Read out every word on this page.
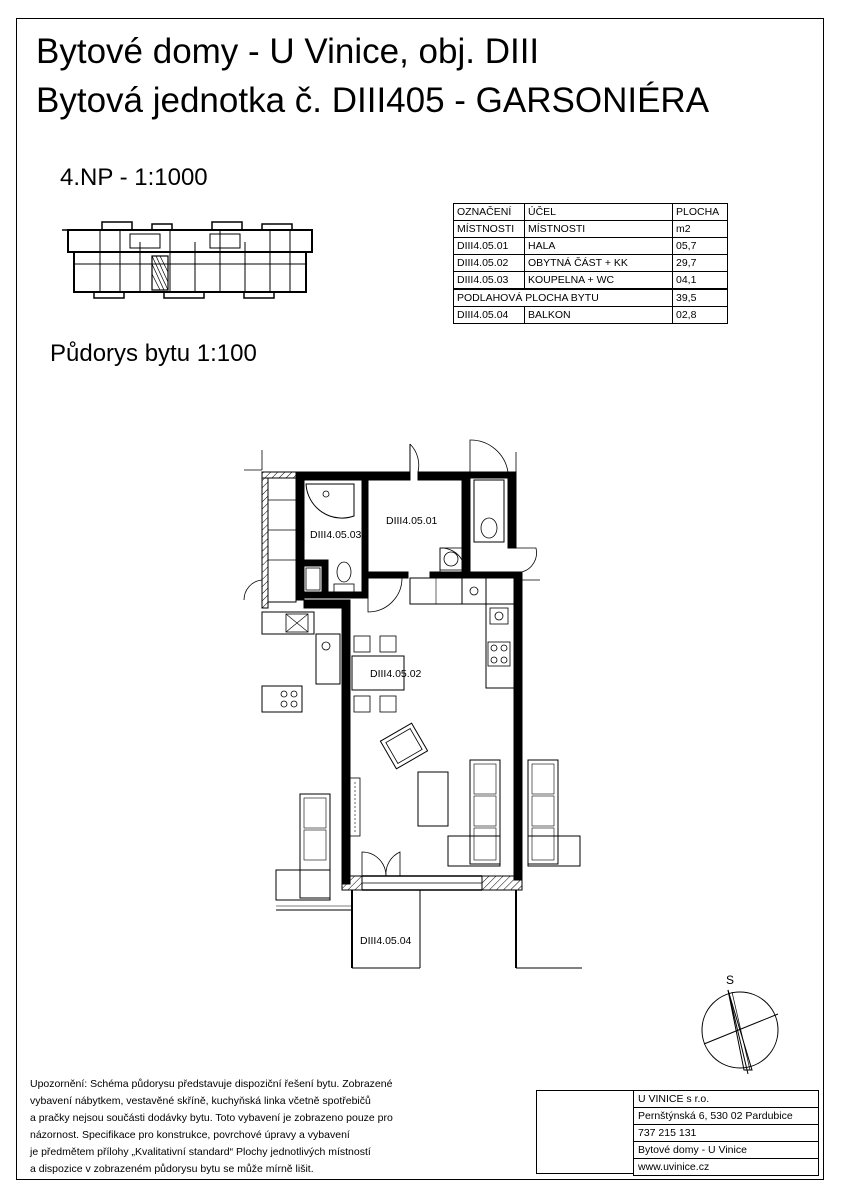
Bytové domy - U Vinice, obj. DIII
Bytová jednotka č. DIII405 - GARSONIÉRA
4.NP - 1:1000
OZNAČENÍ	ÚČEL	PLOCHA
MÍSTNOSTI	MÍSTNOSTI	m2
DIII4.05.01	HALA	05,7
DIII4.05.02	OBYTNÁ ČÁST + KK	29,7
DIII4.05.03	KOUPELNA + WC	04,1
PODLAHOVÁ PLOCHA BYTU		39,5
DIII4.05.04	BALKON	02,8
Půdorys bytu 1:100
DIII4.05.01
DIII4.05.03
DIII4.05.02
DIII4.05.04
S
Upozornění: Schéma půdorysu představuje dispoziční řešení bytu. Zobrazené
vybavení nábytkem, vestavěné skříně, kuchyňská linka včetně spotřebičů
a pračky nejsou součásti dodávky bytu. Toto vybavení je zobrazeno pouze pro
názornost. Specifikace pro konstrukce, povrchové úpravy a vybavení
je předmětem přílohy „Kvalitativní standard“ Plochy jednotlivých místností
a dispozice v zobrazeném půdorysu bytu se může mírně lišit.
U VINICE s r.o.
Pernštýnská 6, 530 02 Pardubice
737 215 131
Bytové domy - U Vinice
www.uvinice.cz
